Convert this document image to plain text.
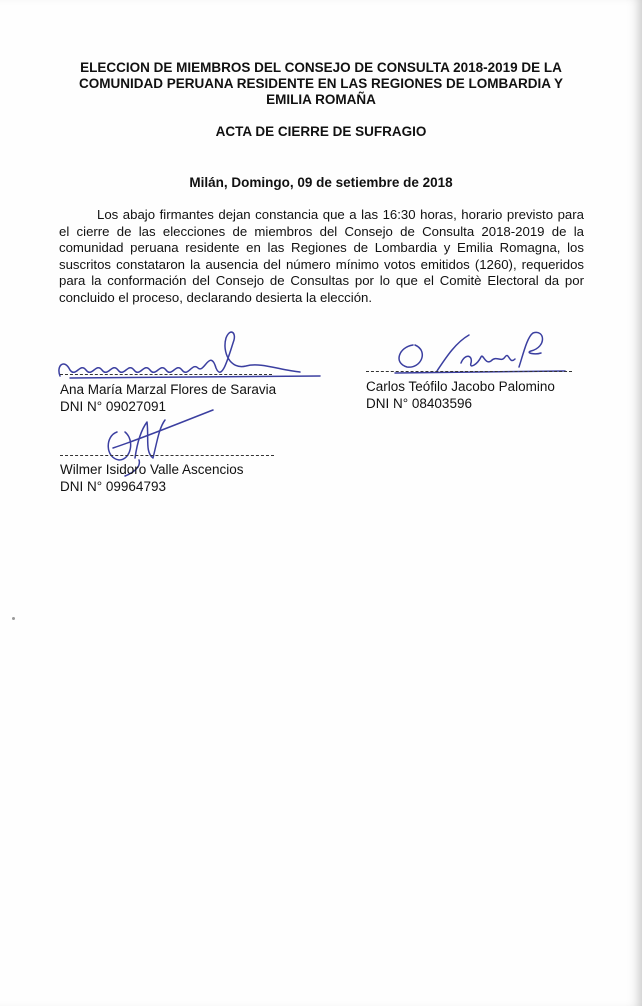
ELECCION DE MIEMBROS DEL CONSEJO DE CONSULTA 2018-2019 DE LA COMUNIDAD PERUANA RESIDENTE EN LAS REGIONES DE LOMBARDIA Y EMILIA ROMAÑA

ACTA DE CIERRE DE SUFRAGIO

Milán, Domingo, 09 de setiembre de 2018

Los abajo firmantes dejan constancia que a las 16:30 horas, horario previsto para el cierre de las elecciones de miembros del Consejo de Consulta 2018-2019 de la comunidad peruana residente en las Regiones de Lombardia y Emilia Romagna, los suscritos constataron la ausencia del número mínimo votos emitidos (1260), requeridos para la conformación del Consejo de Consultas por lo que el Comitè Electoral da por concluido el proceso, declarando desierta la elección.

Ana María Marzal Flores de Saravia
DNI N° 09027091
Carlos Teófilo Jacobo Palomino
DNI N° 08403596
Wilmer Isidoro Valle Ascencios
DNI N° 09964793
